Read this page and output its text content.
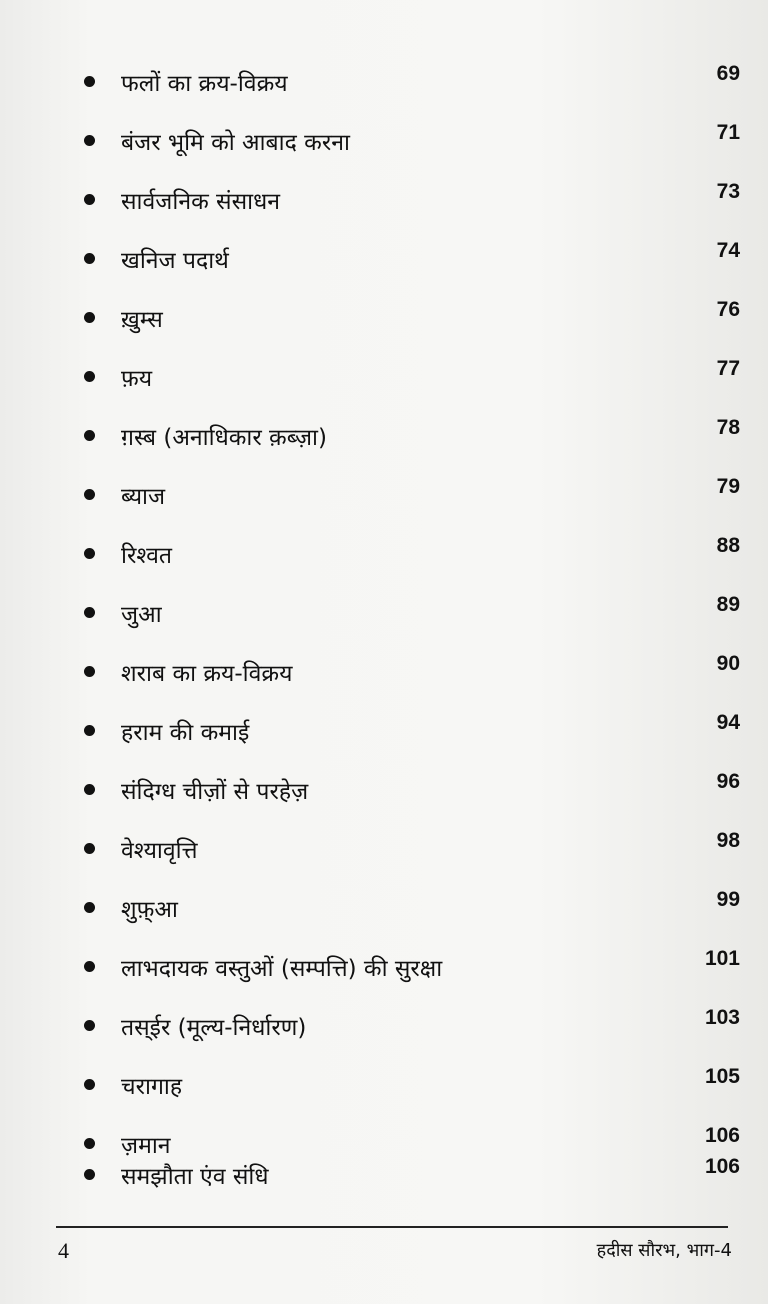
फलों का क्रय-विक्रय	69
बंजर भूमि को आबाद करना	71
सार्वजनिक संसाधन	73
खनिज पदार्थ	74
ख़ुम्स	76
फ़य	77
ग़स्ब (अनाधिकार क़ब्ज़ा)	78
ब्याज	79
रिश्वत	88
जुआ	89
शराब का क्रय-विक्रय	90
हराम की कमाई	94
संदिग्ध चीज़ों से परहेज़	96
वेश्यावृत्ति	98
शुफ़्आ	99
लाभदायक वस्तुओं (सम्पत्ति) की सुरक्षा	101
तस्ईर (मूल्य-निर्धारण)	103
चरागाह	105
ज़मान	106
समझौता एंव संधि	106
4	हदीस सौरभ, भाग-4
